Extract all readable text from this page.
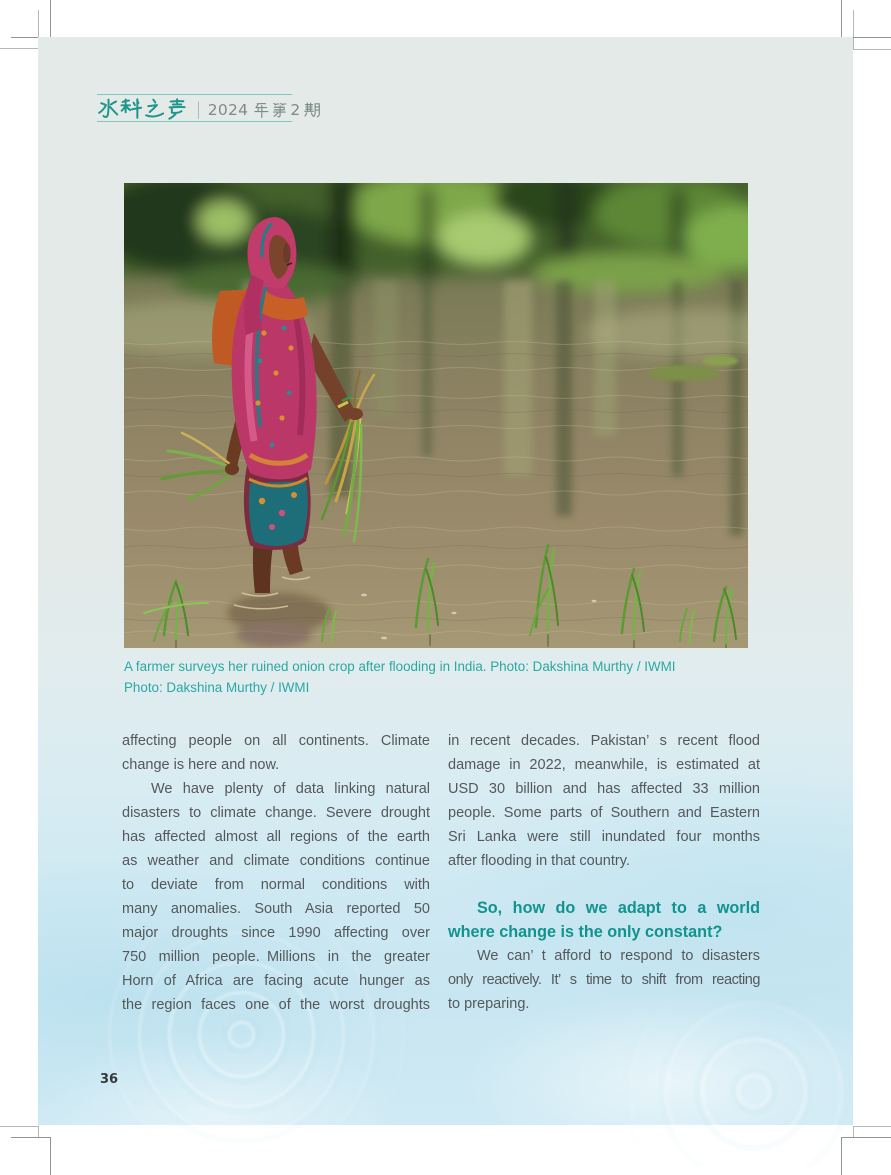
| 2024	2
A farmer surveys her ruined onion crop after flooding in India. Photo: Dakshina Murthy / IWMI
Photo: Dakshina Murthy / IWMI
affecting people on all continents. Climate
change is here and now.
We have plenty of data linking natural
disasters to climate change. Severe drought
has affected almost all regions of the earth
as weather and climate conditions continue
to deviate from normal conditions with
many anomalies. South Asia reported 50
major droughts since 1990 affecting over
750 million people. Millions in the greater
Horn of Africa are facing acute hunger as
the region faces one of the worst droughts
in recent decades. Pakistan’ s recent flood
damage in 2022, meanwhile, is estimated at
USD 30 billion and has affected 33 million
people. Some parts of Southern and Eastern
Sri Lanka were still inundated four months
after flooding in that country.
So, how do we adapt to a world
where change is the only constant?
We can’ t afford to respond to disasters
only reactively. It’ s time to shift from reacting
to preparing.
36
